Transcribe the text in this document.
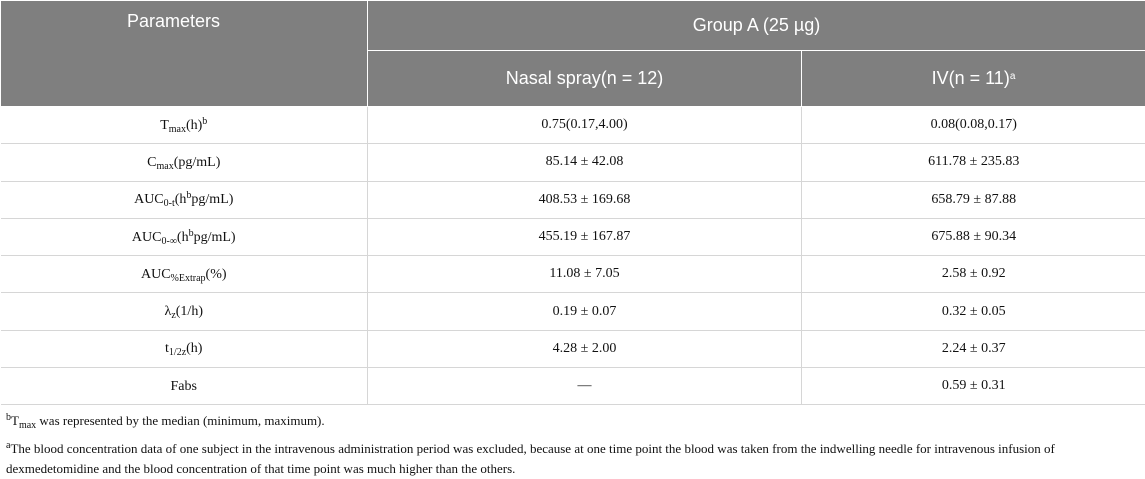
Parameters	Group A (25 µg)	
	Nasal spray(n = 12)	IV(n = 11)$^a$
$T_{max}(h)^b$	0.75(0.17,4.00)	0.08(0.08,0.17)
$C_{max}(pg/mL)$	85.14 ± 42.08	611.78 ± 235.83
$AUC_{0-t}(h^bpg/mL)$	408.53 ± 169.68	658.79 ± 87.88
$AUC_{0-\infty}(h^bpg/mL)$	455.19 ± 167.87	675.88 ± 90.34
$AUC_{\%Extrap}(\%)$	11.08 ± 7.05	2.58 ± 0.92
$\lambda_z(1/h)$	0.19 ± 0.07	0.32 ± 0.05
$t_{1/2z}(h)$	4.28 ± 2.00	2.24 ± 0.37
Fabs	—	0.59 ± 0.31

$^bT_{max}$ was represented by the median (minimum, maximum).

$^a$The blood concentration data of one subject in the intravenous administration period was excluded, because at one time point the blood was taken from the indwelling needle for intravenous infusion of dexmedetomidine and the blood concentration of that time point was much higher than the others.
